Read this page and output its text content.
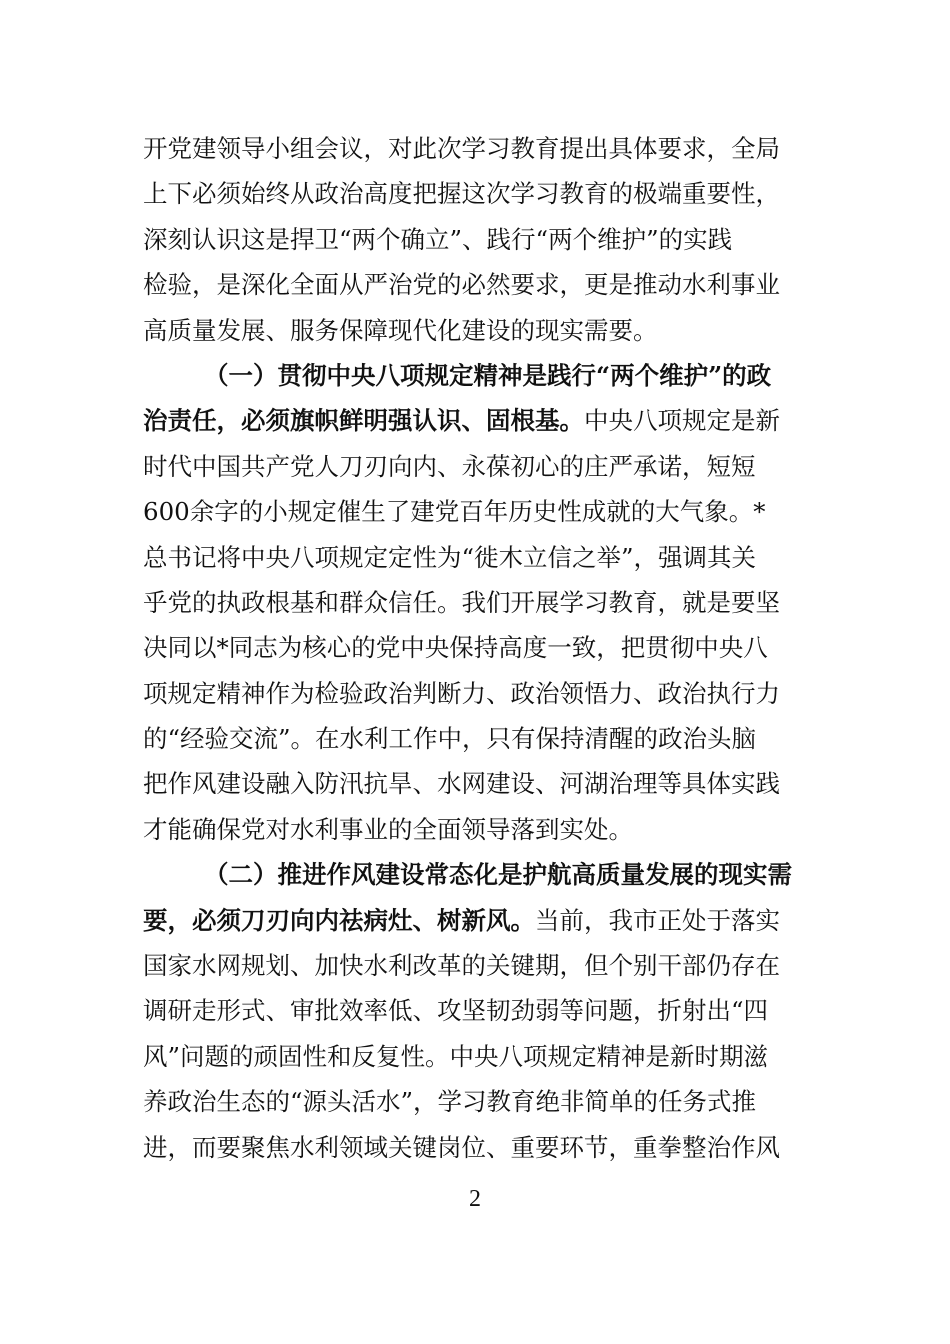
开党建领导小组会议，对此次学习教育提出具体要求，全局
上下必须始终从政治高度把握这次学习教育的极端重要性，
深刻认识这是捍卫“两个确立”、践行“两个维护”的实践
检验，是深化全面从严治党的必然要求，更是推动水利事业
高质量发展、服务保障现代化建设的现实需要。
（一）贯彻中央八项规定精神是践行“两个维护”的政
治责任，必须旗帜鲜明强认识、固根基。中央八项规定是新
时代中国共产党人刀刃向内、永葆初心的庄严承诺，短短
600余字的小规定催生了建党百年历史性成就的大气象。*
总书记将中央八项规定定性为“徙木立信之举”，强调其关
乎党的执政根基和群众信任。我们开展学习教育，就是要坚
决同以*同志为核心的党中央保持高度一致，把贯彻中央八
项规定精神作为检验政治判断力、政治领悟力、政治执行力
的“经验交流”。在水利工作中，只有保持清醒的政治头脑
把作风建设融入防汛抗旱、水网建设、河湖治理等具体实践
才能确保党对水利事业的全面领导落到实处。
（二）推进作风建设常态化是护航高质量发展的现实需
要，必须刀刃向内祛病灶、树新风。当前，我市正处于落实
国家水网规划、加快水利改革的关键期，但个别干部仍存在
调研走形式、审批效率低、攻坚韧劲弱等问题，折射出“四
风”问题的顽固性和反复性。中央八项规定精神是新时期滋
养政治生态的“源头活水”，学习教育绝非简单的任务式推
进，而要聚焦水利领域关键岗位、重要环节，重拳整治作风
2
